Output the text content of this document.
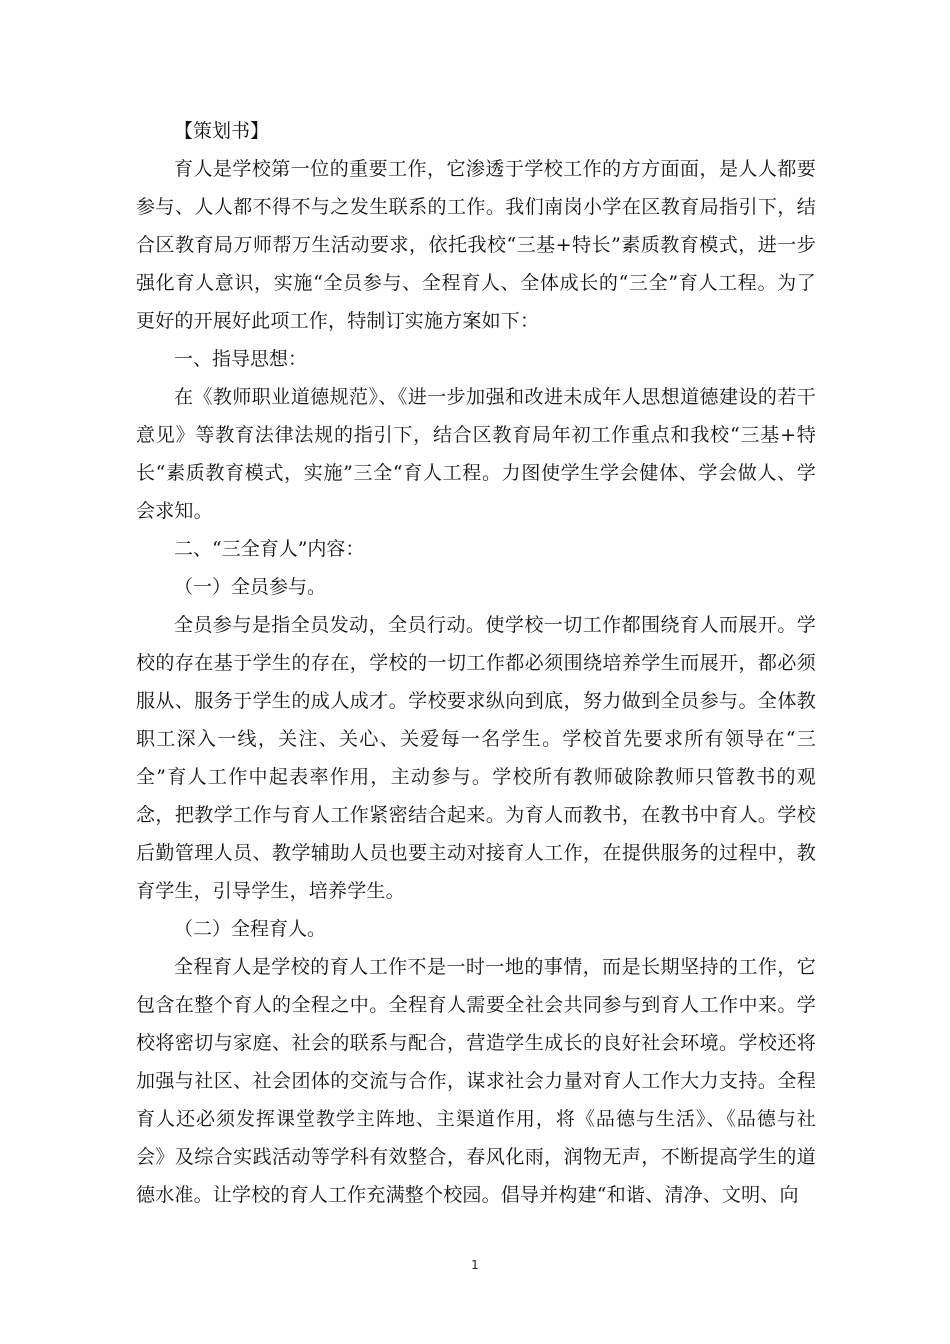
【策划书】

育人是学校第一位的重要工作，它渗透于学校工作的方方面面，是人人都要参与、人人都不得不与之发生联系的工作。我们南岗小学在区教育局指引下，结合区教育局万师帮万生活动要求，依托我校“三基+特长”素质教育模式，进一步强化育人意识，实施“全员参与、全程育人、全体成长的“三全”育人工程。为了更好的开展好此项工作，特制订实施方案如下：

一、指导思想：

在《教师职业道德规范》、《进一步加强和改进未成年人思想道德建设的若干意见》等教育法律法规的指引下，结合区教育局年初工作重点和我校“三基+特长“素质教育模式，实施”三全“育人工程。力图使学生学会健体、学会做人、学会求知。

二、“三全育人”内容：

（一）全员参与。

全员参与是指全员发动，全员行动。使学校一切工作都围绕育人而展开。学校的存在基于学生的存在，学校的一切工作都必须围绕培养学生而展开，都必须服从、服务于学生的成人成才。学校要求纵向到底，努力做到全员参与。全体教职工深入一线，关注、关心、关爱每一名学生。学校首先要求所有领导在“三全”育人工作中起表率作用，主动参与。学校所有教师破除教师只管教书的观念，把教学工作与育人工作紧密结合起来。为育人而教书，在教书中育人。学校后勤管理人员、教学辅助人员也要主动对接育人工作，在提供服务的过程中，教育学生，引导学生，培养学生。

（二）全程育人。

全程育人是学校的育人工作不是一时一地的事情，而是长期坚持的工作，它包含在整个育人的全程之中。全程育人需要全社会共同参与到育人工作中来。学校将密切与家庭、社会的联系与配合，营造学生成长的良好社会环境。学校还将加强与社区、社会团体的交流与合作，谋求社会力量对育人工作大力支持。全程育人还必须发挥课堂教学主阵地、主渠道作用，将《品德与生活》、《品德与社会》及综合实践活动等学科有效整合，春风化雨，润物无声，不断提高学生的道德水准。让学校的育人工作充满整个校园。倡导并构建“和谐、清净、文明、向

1
